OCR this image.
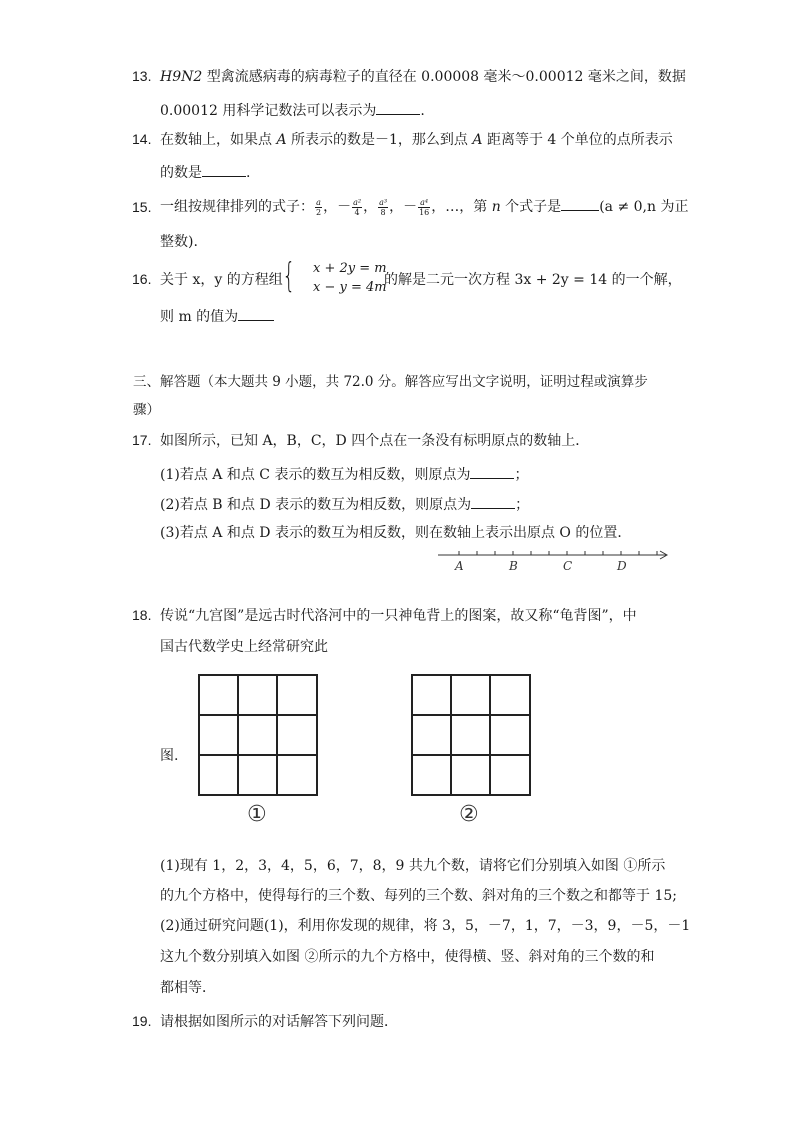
13. H9N2 型禽流感病毒的病毒粒子的直径在 0.00008 毫米～0.00012 毫米之间，数据
0.00012 用科学记数法可以表示为	.
14. 在数轴上，如果点 A 所表示的数是－1，那么到点 A 距离等于 4 个单位的点所表示
的数是	.
15. 一组按规律排列的式子： $\frac{a}{2}$ ，－ $\frac{\text{a²}}{4}$ ， $\frac{\text{a³}}{8}$ ，－ $\frac{\text{a⁴}}{16}$ ，…，第 n 个式子是	(a ≠ 0,n 为正
整数).
16. 关于 x，y 的方程组 {	x + 2y = m
x − y = 4m
的解是二元一次方程 3x + 2y = 14 的一个解，
则 m 的值为
三、解答题（本大题共 9 小题，共 72.0 分。解答应写出文字说明，证明过程或演算步
骤）
17. 如图所示，已知 A，B，C，D 四个点在一条没有标明原点的数轴上．
(1)若点 A 和点 C 表示的数互为相反数，则原点为	；
(2)若点 B 和点 D 表示的数互为相反数，则原点为	；
(3)若点 A 和点 D 表示的数互为相反数，则在数轴上表示出原点 O 的位置．
A	B	C	D
18. 传说“九宫图”是远古时代洛河中的一只神龟背上的图案，故又称“龟背图”，中
国古代数学史上经常研究此
图.
①	②
(1)现有 1，2，3，4，5，6，7，8，9 共九个数，请将它们分别填入如图 ①所示
的九个方格中，使得每行的三个数、每列的三个数、斜对角的三个数之和都等于 15;
(2)通过研究问题(1)，利用你发现的规律，将 3，5，－7，1，7，－3，9，－5，－1
这九个数分别填入如图 ②所示的九个方格中，使得横、竖、斜对角的三个数的和
都相等．
19. 请根据如图所示的对话解答下列问题．
